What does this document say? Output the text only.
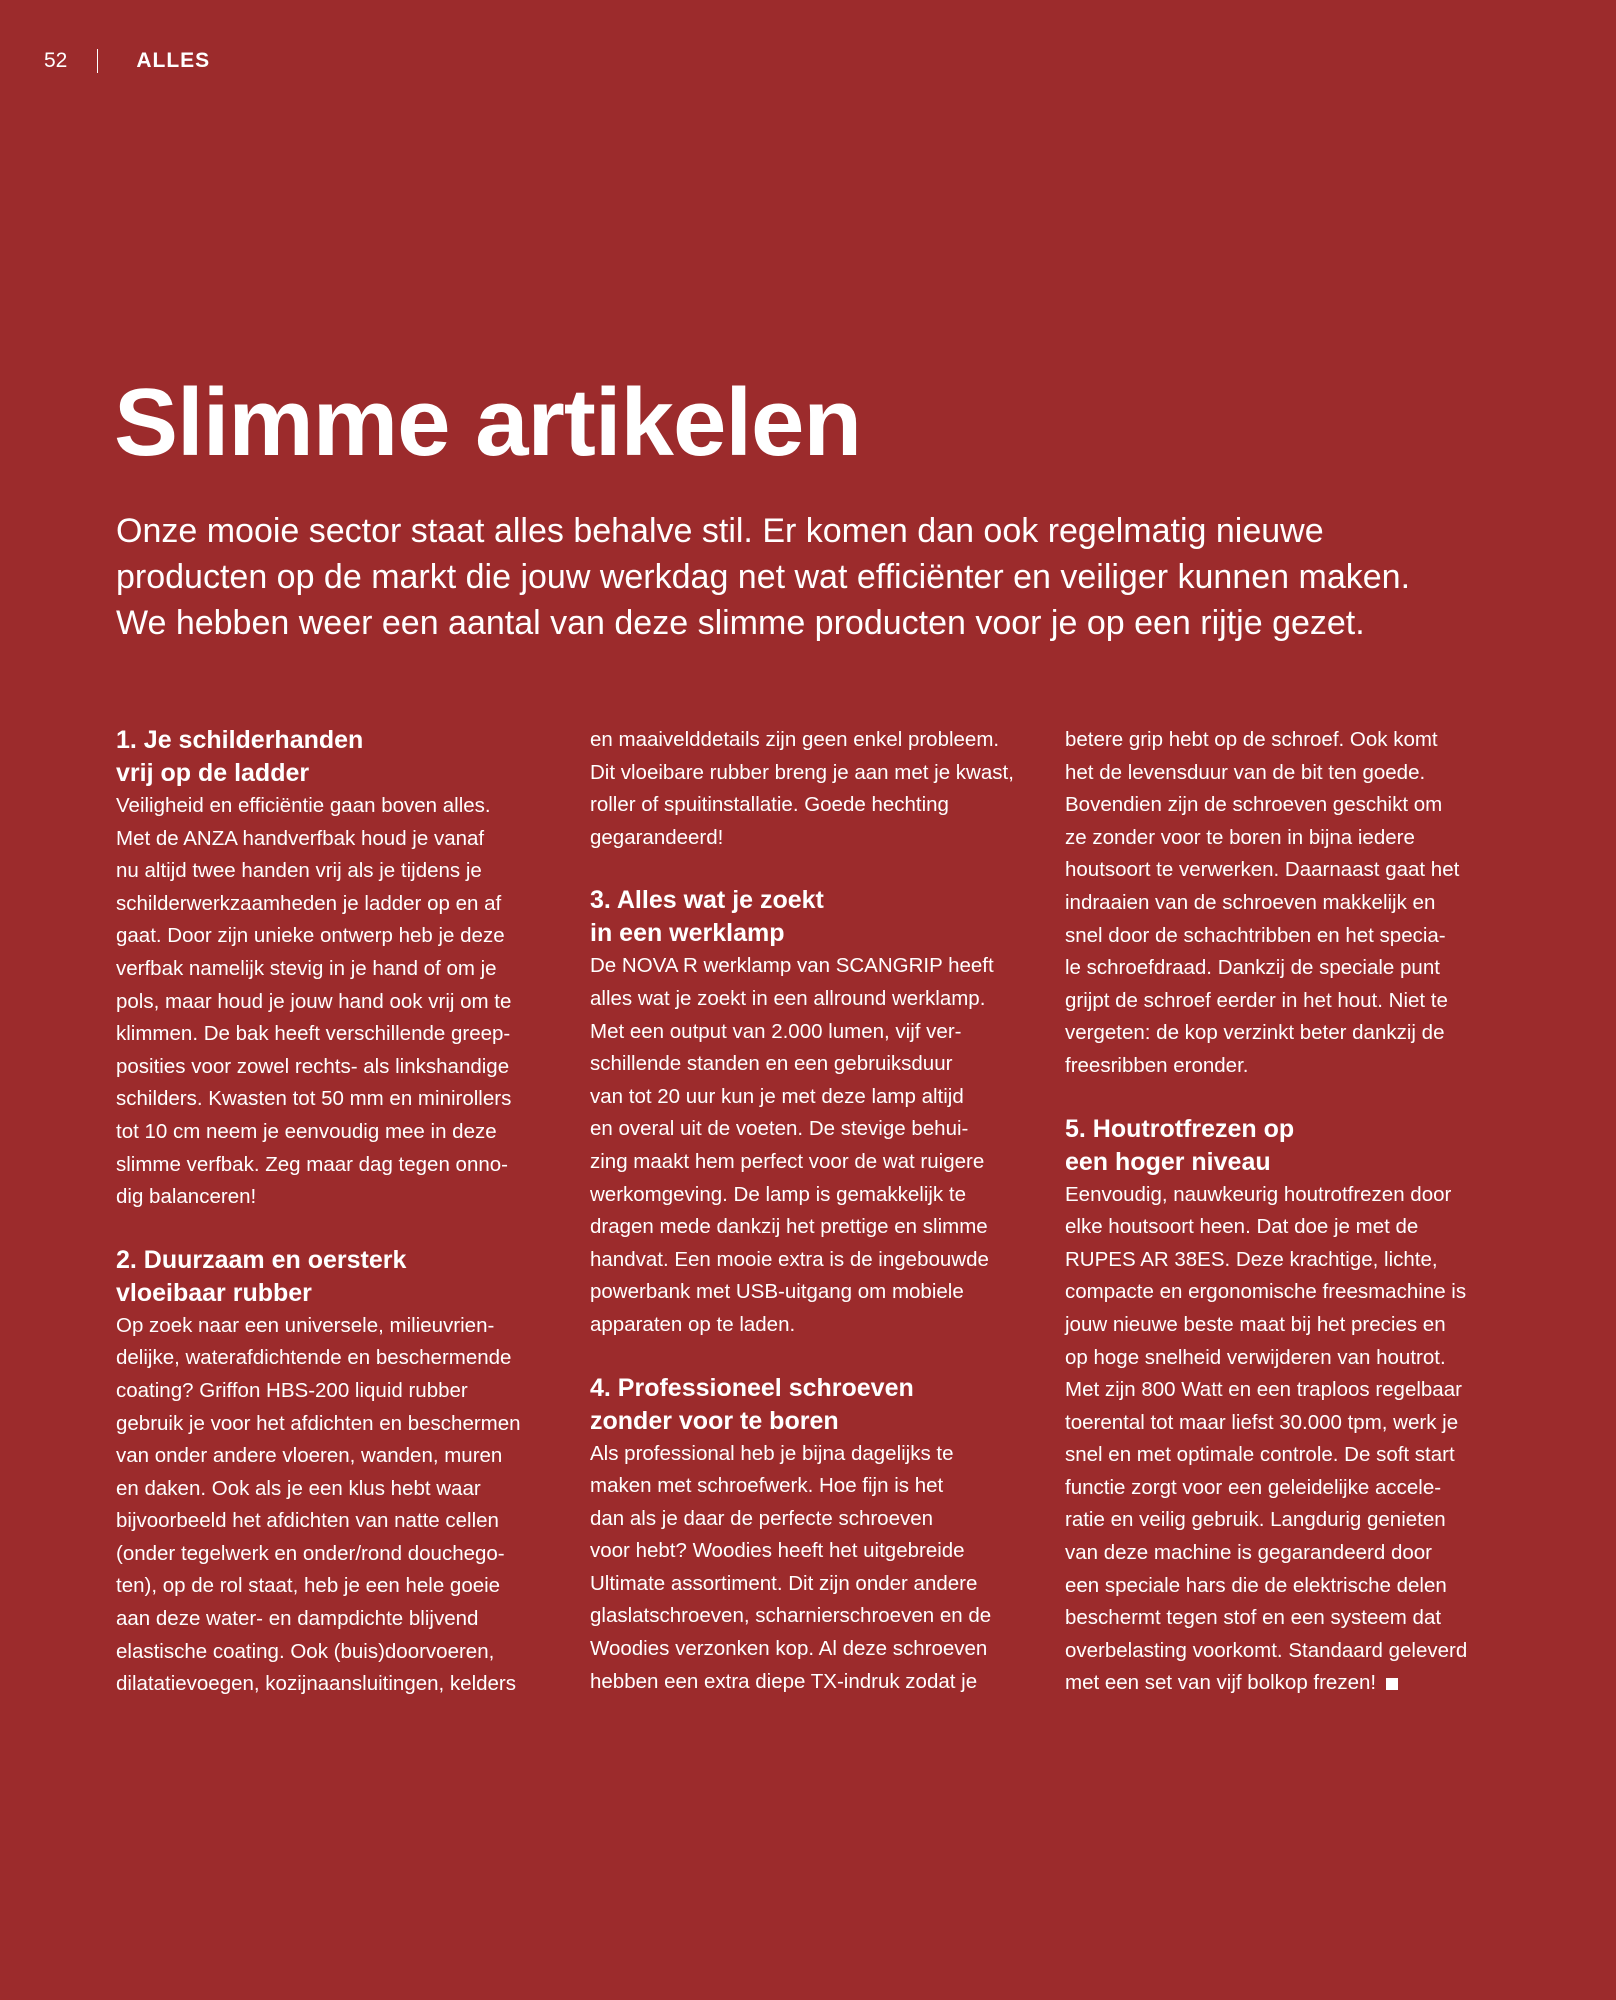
52	ALLES
Slimme artikelen

Onze mooie sector staat alles behalve stil. Er komen dan ook regelmatig nieuwe
producten op de markt die jouw werkdag net wat efficiënter en veiliger kunnen maken.
We hebben weer een aantal van deze slimme producten voor je op een rijtje gezet.

1. Je schilderhanden
vrij op de ladder

Veiligheid en efficiëntie gaan boven alles.
Met de ANZA handverfbak houd je vanaf
nu altijd twee handen vrij als je tijdens je
schilderwerkzaamheden je ladder op en af
gaat. Door zijn unieke ontwerp heb je deze
verfbak namelijk stevig in je hand of om je
pols, maar houd je jouw hand ook vrij om te
klimmen. De bak heeft verschillende greep-
posities voor zowel rechts- als linkshandige
schilders. Kwasten tot 50 mm en minirollers
tot 10 cm neem je eenvoudig mee in deze
slimme verfbak. Zeg maar dag tegen onno-
dig balanceren!

2. Duurzaam en oersterk
vloeibaar rubber

Op zoek naar een universele, milieuvrien-
delijke, waterafdichtende en beschermende
coating? Griffon HBS-200 liquid rubber
gebruik je voor het afdichten en beschermen
van onder andere vloeren, wanden, muren
en daken. Ook als je een klus hebt waar
bijvoorbeeld het afdichten van natte cellen
(onder tegelwerk en onder/rond douchego-
ten), op de rol staat, heb je een hele goeie
aan deze water- en dampdichte blijvend
elastische coating. Ook (buis)doorvoeren,
dilatatievoegen, kozijnaansluitingen, kelders

en maaivelddetails zijn geen enkel probleem.
Dit vloeibare rubber breng je aan met je kwast,
roller of spuitinstallatie. Goede hechting
gegarandeerd!

3. Alles wat je zoekt
in een werklamp

De NOVA R werklamp van SCANGRIP heeft
alles wat je zoekt in een allround werklamp.
Met een output van 2.000 lumen, vijf ver-
schillende standen en een gebruiksduur
van tot 20 uur kun je met deze lamp altijd
en overal uit de voeten. De stevige behui-
zing maakt hem perfect voor de wat ruigere
werkomgeving. De lamp is gemakkelijk te
dragen mede dankzij het prettige en slimme
handvat. Een mooie extra is de ingebouwde
powerbank met USB-uitgang om mobiele
apparaten op te laden.

4. Professioneel schroeven
zonder voor te boren

Als professional heb je bijna dagelijks te
maken met schroefwerk. Hoe fijn is het
dan als je daar de perfecte schroeven
voor hebt? Woodies heeft het uitgebreide
Ultimate assortiment. Dit zijn onder andere
glaslatschroeven, scharnierschroeven en de
Woodies verzonken kop. Al deze schroeven
hebben een extra diepe TX-indruk zodat je

betere grip hebt op de schroef. Ook komt
het de levensduur van de bit ten goede.
Bovendien zijn de schroeven geschikt om
ze zonder voor te boren in bijna iedere
houtsoort te verwerken. Daarnaast gaat het
indraaien van de schroeven makkelijk en
snel door de schachtribben en het specia-
le schroefdraad. Dankzij de speciale punt
grijpt de schroef eerder in het hout. Niet te
vergeten: de kop verzinkt beter dankzij de
freesribben eronder.

5. Houtrotfrezen op
een hoger niveau

Eenvoudig, nauwkeurig houtrotfrezen door
elke houtsoort heen. Dat doe je met de
RUPES AR 38ES. Deze krachtige, lichte,
compacte en ergonomische freesmachine is
jouw nieuwe beste maat bij het precies en
op hoge snelheid verwijderen van houtrot.
Met zijn 800 Watt en een traploos regelbaar
toerental tot maar liefst 30.000 tpm, werk je
snel en met optimale controle. De soft start
functie zorgt voor een geleidelijke accele-
ratie en veilig gebruik. Langdurig genieten
van deze machine is gegarandeerd door
een speciale hars die de elektrische delen
beschermt tegen stof en een systeem dat
overbelasting voorkomt. Standaard geleverd
met een set van vijf bolkop frezen!
